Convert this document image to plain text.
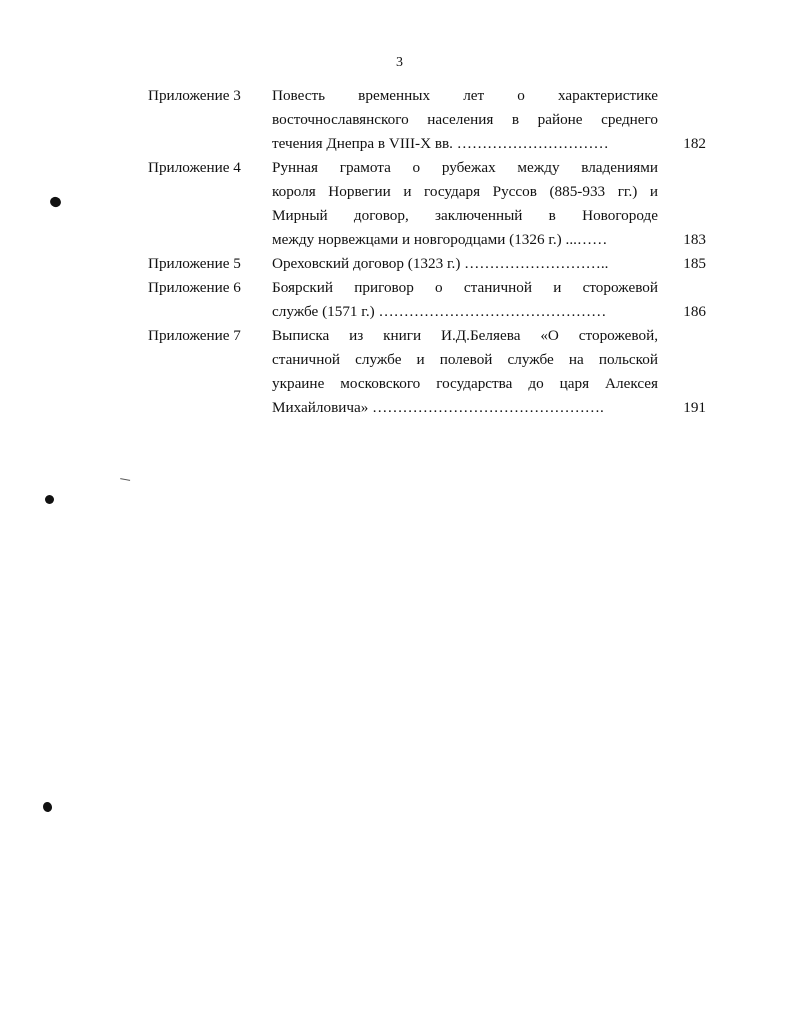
3
Приложение 3	Повесть временных лет о характеристике
восточнославянского населения в районе среднего
течения Днепра в VIII-X вв. …………………………	182
Приложение 4	Рунная грамота о рубежах между владениями
короля Норвегии и государя Руссов (885-933 гг.) и
Мирный договор, заключенный в Новогороде
между норвежцами и новгородцами (1326 г.) ...……	183
Приложение 5	Ореховский договор (1323 г.) ………………………..	185
Приложение 6	Боярский приговор о станичной и сторожевой
службе (1571 г.) ………………………………………	186
Приложение 7	Выписка из книги И.Д.Беляева «О сторожевой,
станичной службе и полевой службе на польской
украине московского государства до царя Алексея
Михайловича» ……………………………………….	191
